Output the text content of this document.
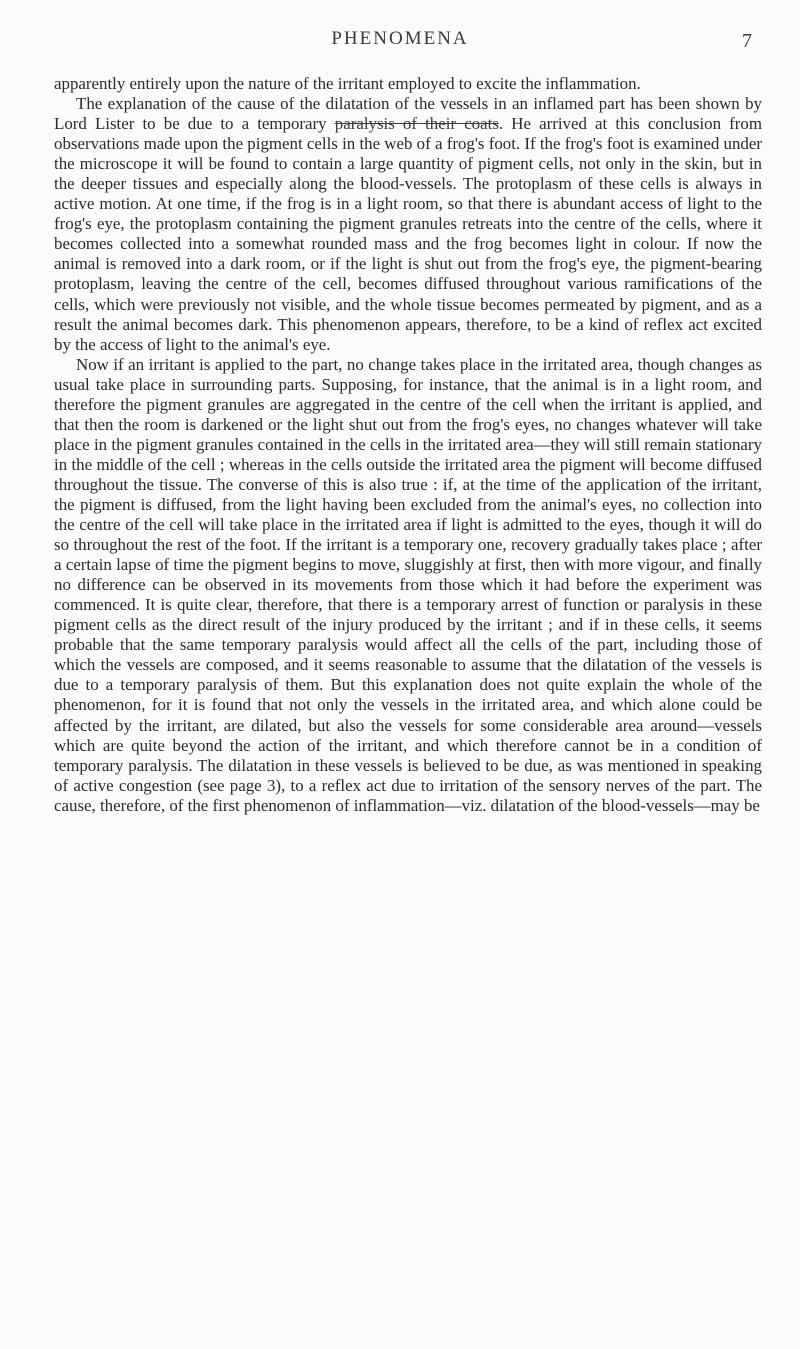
PHENOMENA	7

apparently entirely upon the nature of the irritant employed to excite the inflammation.

The explanation of the cause of the dilatation of the vessels in an inflamed part has been shown by Lord Lister to be due to a temporary paralysis of their coats. He arrived at this conclusion from observations made upon the pigment cells in the web of a frog's foot. If the frog's foot is examined under the microscope it will be found to contain a large quantity of pigment cells, not only in the skin, but in the deeper tissues and especially along the blood-vessels. The protoplasm of these cells is always in active motion. At one time, if the frog is in a light room, so that there is abundant access of light to the frog's eye, the protoplasm containing the pigment granules retreats into the centre of the cells, where it becomes collected into a somewhat rounded mass and the frog becomes light in colour. If now the animal is removed into a dark room, or if the light is shut out from the frog's eye, the pigment-bearing protoplasm, leaving the centre of the cell, becomes diffused throughout various ramifications of the cells, which were previously not visible, and the whole tissue becomes permeated by pigment, and as a result the animal becomes dark. This phenomenon appears, therefore, to be a kind of reflex act excited by the access of light to the animal's eye.

Now if an irritant is applied to the part, no change takes place in the irritated area, though changes as usual take place in surrounding parts. Supposing, for instance, that the animal is in a light room, and therefore the pigment granules are aggregated in the centre of the cell when the irritant is applied, and that then the room is darkened or the light shut out from the frog's eyes, no changes whatever will take place in the pigment granules contained in the cells in the irritated area—they will still remain stationary in the middle of the cell ; whereas in the cells outside the irritated area the pigment will become diffused throughout the tissue. The converse of this is also true : if, at the time of the application of the irritant, the pigment is diffused, from the light having been excluded from the animal's eyes, no collection into the centre of the cell will take place in the irritated area if light is admitted to the eyes, though it will do so throughout the rest of the foot. If the irritant is a temporary one, recovery gradually takes place ; after a certain lapse of time the pigment begins to move, sluggishly at first, then with more vigour, and finally no difference can be observed in its movements from those which it had before the experiment was commenced. It is quite clear, therefore, that there is a temporary arrest of function or paralysis in these pigment cells as the direct result of the injury produced by the irritant ; and if in these cells, it seems probable that the same temporary paralysis would affect all the cells of the part, including those of which the vessels are composed, and it seems reasonable to assume that the dilatation of the vessels is due to a temporary paralysis of them. But this explanation does not quite explain the whole of the phenomenon, for it is found that not only the vessels in the irritated area, and which alone could be affected by the irritant, are dilated, but also the vessels for some considerable area around—vessels which are quite beyond the action of the irritant, and which therefore cannot be in a condition of temporary paralysis. The dilatation in these vessels is believed to be due, as was mentioned in speaking of active congestion (see page 3), to a reflex act due to irritation of the sensory nerves of the part. The cause, therefore, of the first phenomenon of inflammation—viz. dilatation of the blood-vessels—may be
